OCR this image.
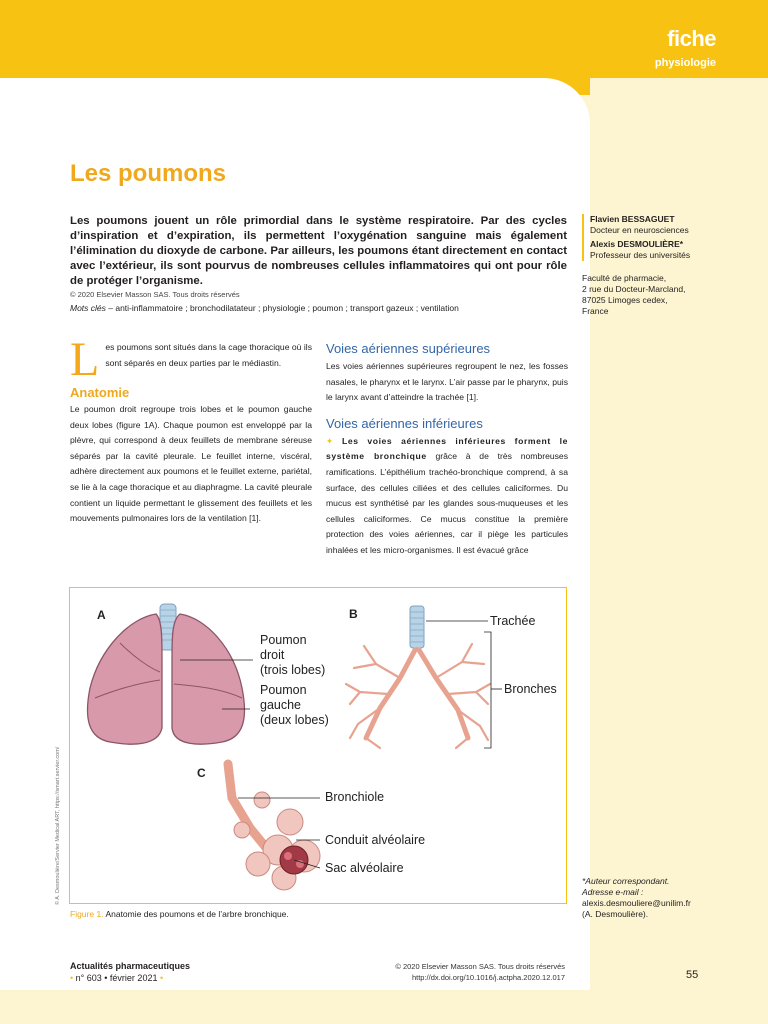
fiche
physiologie
Les poumons

Les poumons jouent un rôle primordial dans le système respiratoire. Par des cycles d’inspiration et d’expiration, ils permettent l’oxygénation sanguine mais également l’élimination du dioxyde de carbone. Par ailleurs, les poumons étant directement en contact avec l’extérieur, ils sont pourvus de nombreuses cellules inflammatoires qui ont pour rôle de protéger l’organisme.

© 2020 Elsevier Masson SAS. Tous droits réservés
Mots clés – anti-inflammatoire ; bronchodilatateur ; physiologie ; poumon ; transport gazeux ; ventilation

Les poumons sont situés dans la cage thoracique où ils sont séparés en deux parties par le médiastin.

Anatomie

Le poumon droit regroupe trois lobes et le poumon gauche deux lobes (figure 1A). Chaque poumon est enveloppé par la plèvre, qui correspond à deux feuillets de membrane séreuse séparés par la cavité pleurale. Le feuillet interne, viscéral, adhère directement aux poumons et le feuillet externe, pariétal, se lie à la cage thoracique et au diaphragme. La cavité pleurale contient un liquide permettant le glissement des feuillets et les mouvements pulmonaires lors de la ventilation [1].

Voies aériennes supérieures

Les voies aériennes supérieures regroupent le nez, les fosses nasales, le pharynx et le larynx. L’air passe par le pharynx, puis le larynx avant d’atteindre la trachée [1].

Voies aériennes inférieures

✦ Les voies aériennes inférieures forment le système bronchique grâce à de très nombreuses ramifications. L’épithélium trachéo-bronchique comprend, à sa surface, des cellules ciliées et des cellules caliciformes. Du mucus est synthétisé par les glandes sous-muqueuses et les cellules caliciformes. Ce mucus constitue la première protection des voies aériennes, car il piège les particules inhalées et les micro-organismes. Il est évacué grâce

A	B
C
Poumon
droit
(trois lobes)
Poumon
gauche
(deux lobes)
Trachée
Bronches
Bronchiole
Conduit alvéolaire
Sac alvéolaire
© A. Desmoulière/Servier Medical ART, https://smart.servier.com/
Figure 1. Anatomie des poumons et de l’arbre bronchique.
Flavien BESSAGUET
Docteur en neurosciences
Alexis DESMOULIÈRE*
Professeur des universités
Faculté de pharmacie,
2 rue du Docteur-Marcland,
87025 Limoges cedex,
France
*Auteur correspondant.
Adresse e-mail :
alexis.desmouliere@unilim.fr
(A. Desmoulière).
Actualités pharmaceutiques
• n° 603 • février 2021 •
© 2020 Elsevier Masson SAS. Tous droits réservés
http://dx.doi.org/10.1016/j.actpha.2020.12.017	55
